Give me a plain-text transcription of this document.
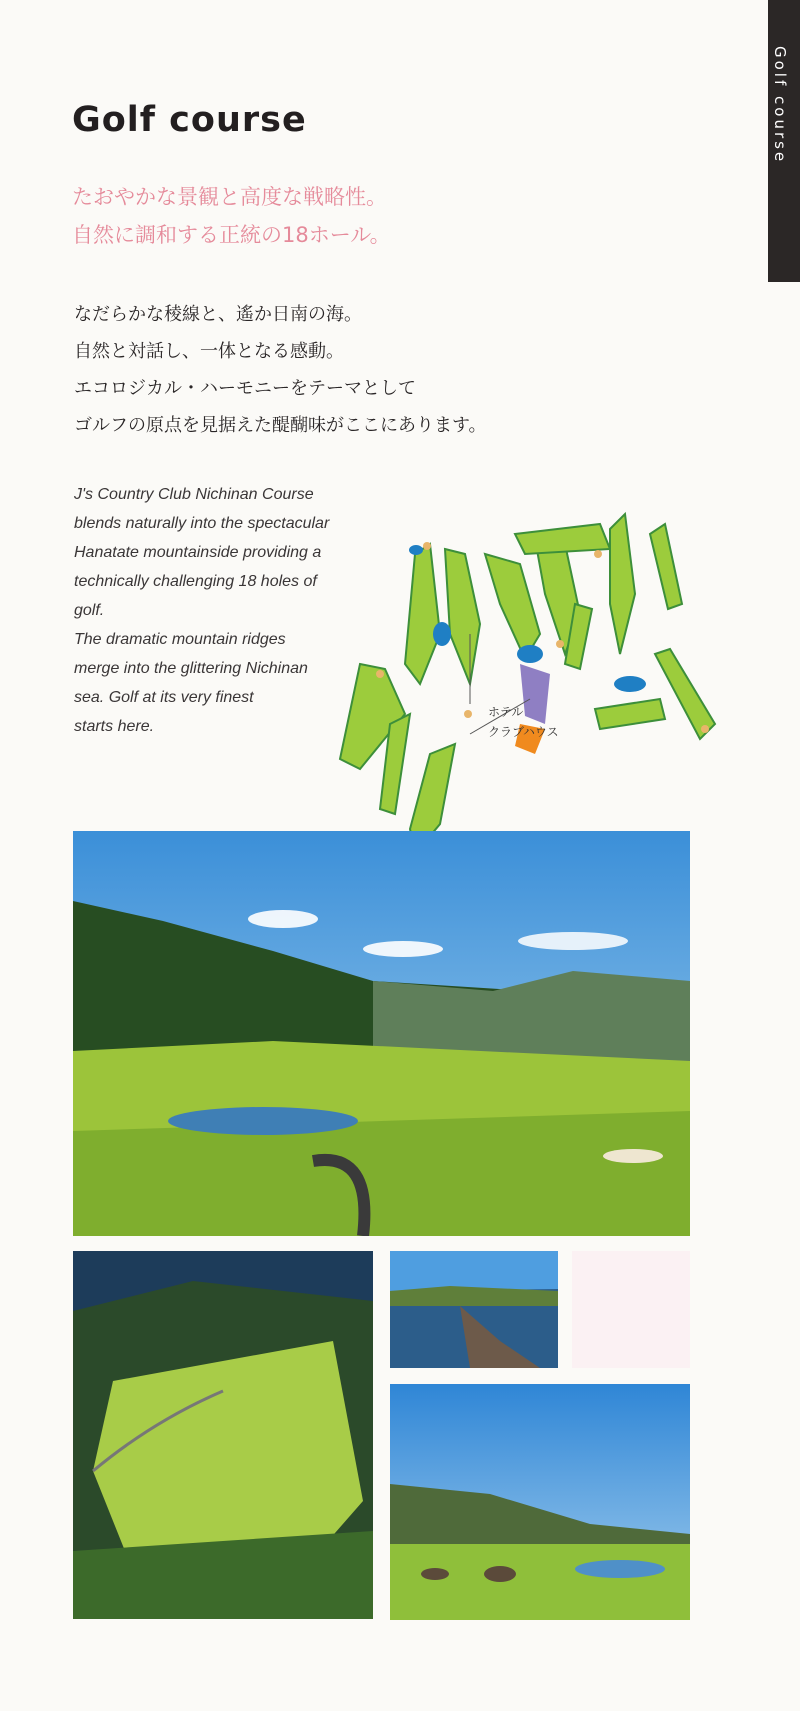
Golf course
Golf course

たおやかな景観と高度な戦略性。
自然に調和する正統の18ホール。

なだらかな稜線と、遙か日南の海。
自然と対話し、一体となる感動。
エコロジカル・ハーモニーをテーマとして
ゴルフの原点を見据えた醍醐味がここにあります。

J's Country Club Nichinan Course
blends naturally into the spectacular
Hanatate mountainside providing a
technically challenging 18 holes of
golf.
The dramatic mountain ridges
merge into the glittering Nichinan
sea. Golf at its very finest
starts here.

ホテル
クラブハウス
